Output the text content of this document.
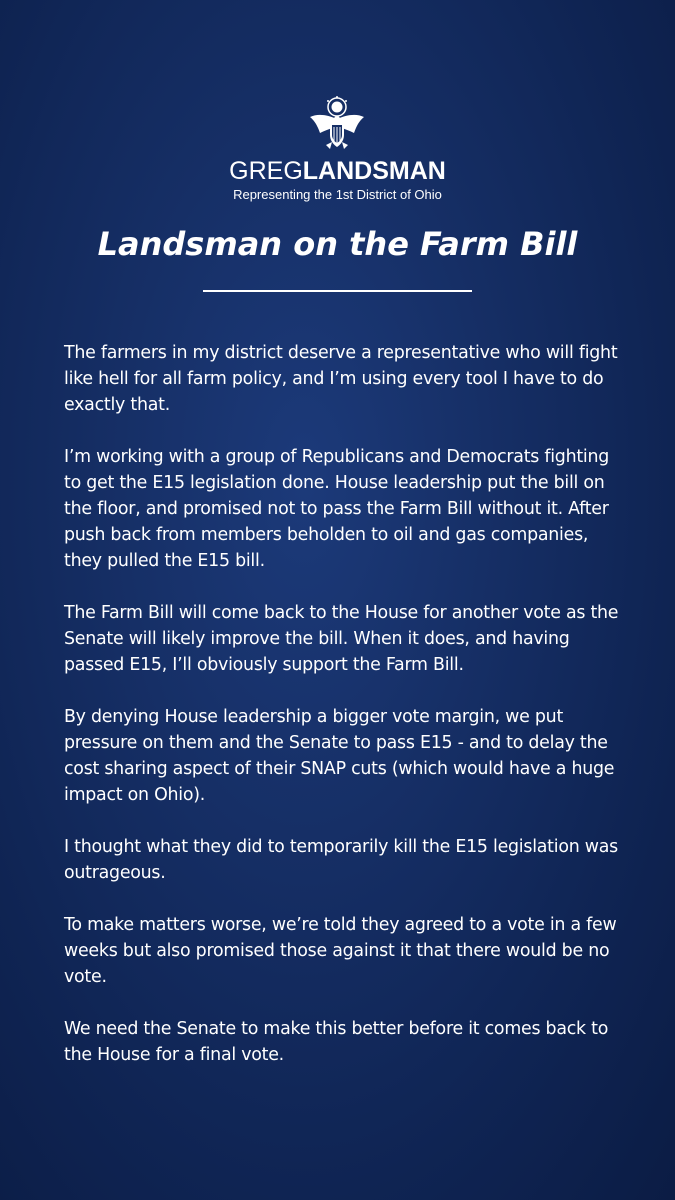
GREGLANDSMAN
Representing the 1st District of Ohio
Landsman on the Farm Bill

The farmers in my district deserve a representative who will fight like hell for all farm policy, and I’m using every tool I have to do exactly that.

I’m working with a group of Republicans and Democrats fighting to get the E15 legislation done. House leadership put the bill on the floor, and promised not to pass the Farm Bill without it. After push back from members beholden to oil and gas companies, they pulled the E15 bill.

The Farm Bill will come back to the House for another vote as the Senate will likely improve the bill. When it does, and having passed E15, I’ll obviously support the Farm Bill.

By denying House leadership a bigger vote margin, we put pressure on them and the Senate to pass E15 - and to delay the cost sharing aspect of their SNAP cuts (which would have a huge impact on Ohio).

I thought what they did to temporarily kill the E15 legislation was outrageous.

To make matters worse, we’re told they agreed to a vote in a few weeks but also promised those against it that there would be no vote.

We need the Senate to make this better before it comes back to the House for a final vote.
